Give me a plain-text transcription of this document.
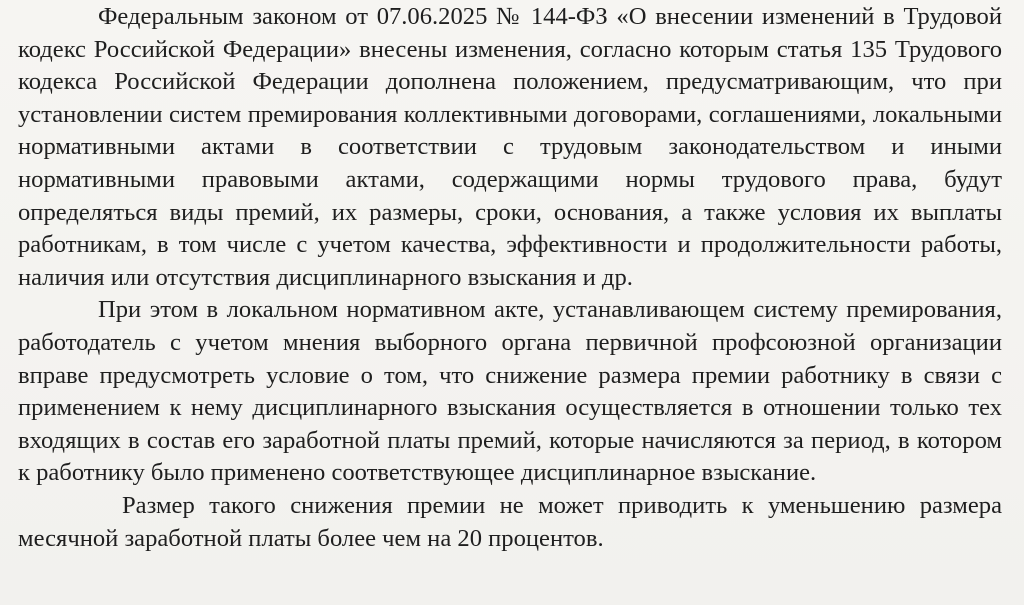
Федеральным законом от 07.06.2025 № 144-ФЗ «О внесении изменений в Трудовой кодекс Российской Федерации» внесены изменения, согласно которым статья 135 Трудового кодекса Российской Федерации дополнена положением, предусматривающим, что при установлении систем премирования коллективными договорами, соглашениями, локальными нормативными актами в соответствии с трудовым законодательством и иными нормативными правовыми актами, содержащими нормы трудового права, будут определяться виды премий, их размеры, сроки, основания, а также условия их выплаты работникам, в том числе с учетом качества, эффективности и продолжительности работы, наличия или отсутствия дисциплинарного взыскания и др.

При этом в локальном нормативном акте, устанавливающем систему премирования, работодатель с учетом мнения выборного органа первичной профсоюзной организации вправе предусмотреть условие о том, что снижение размера премии работнику в связи с применением к нему дисциплинарного взыскания осуществляется в отношении только тех входящих в состав его заработной платы премий, которые начисляются за период, в котором к работнику было применено соответствующее дисциплинарное взыскание.

Размер такого снижения премии не может приводить к уменьшению размера месячной заработной платы более чем на 20 процентов.
